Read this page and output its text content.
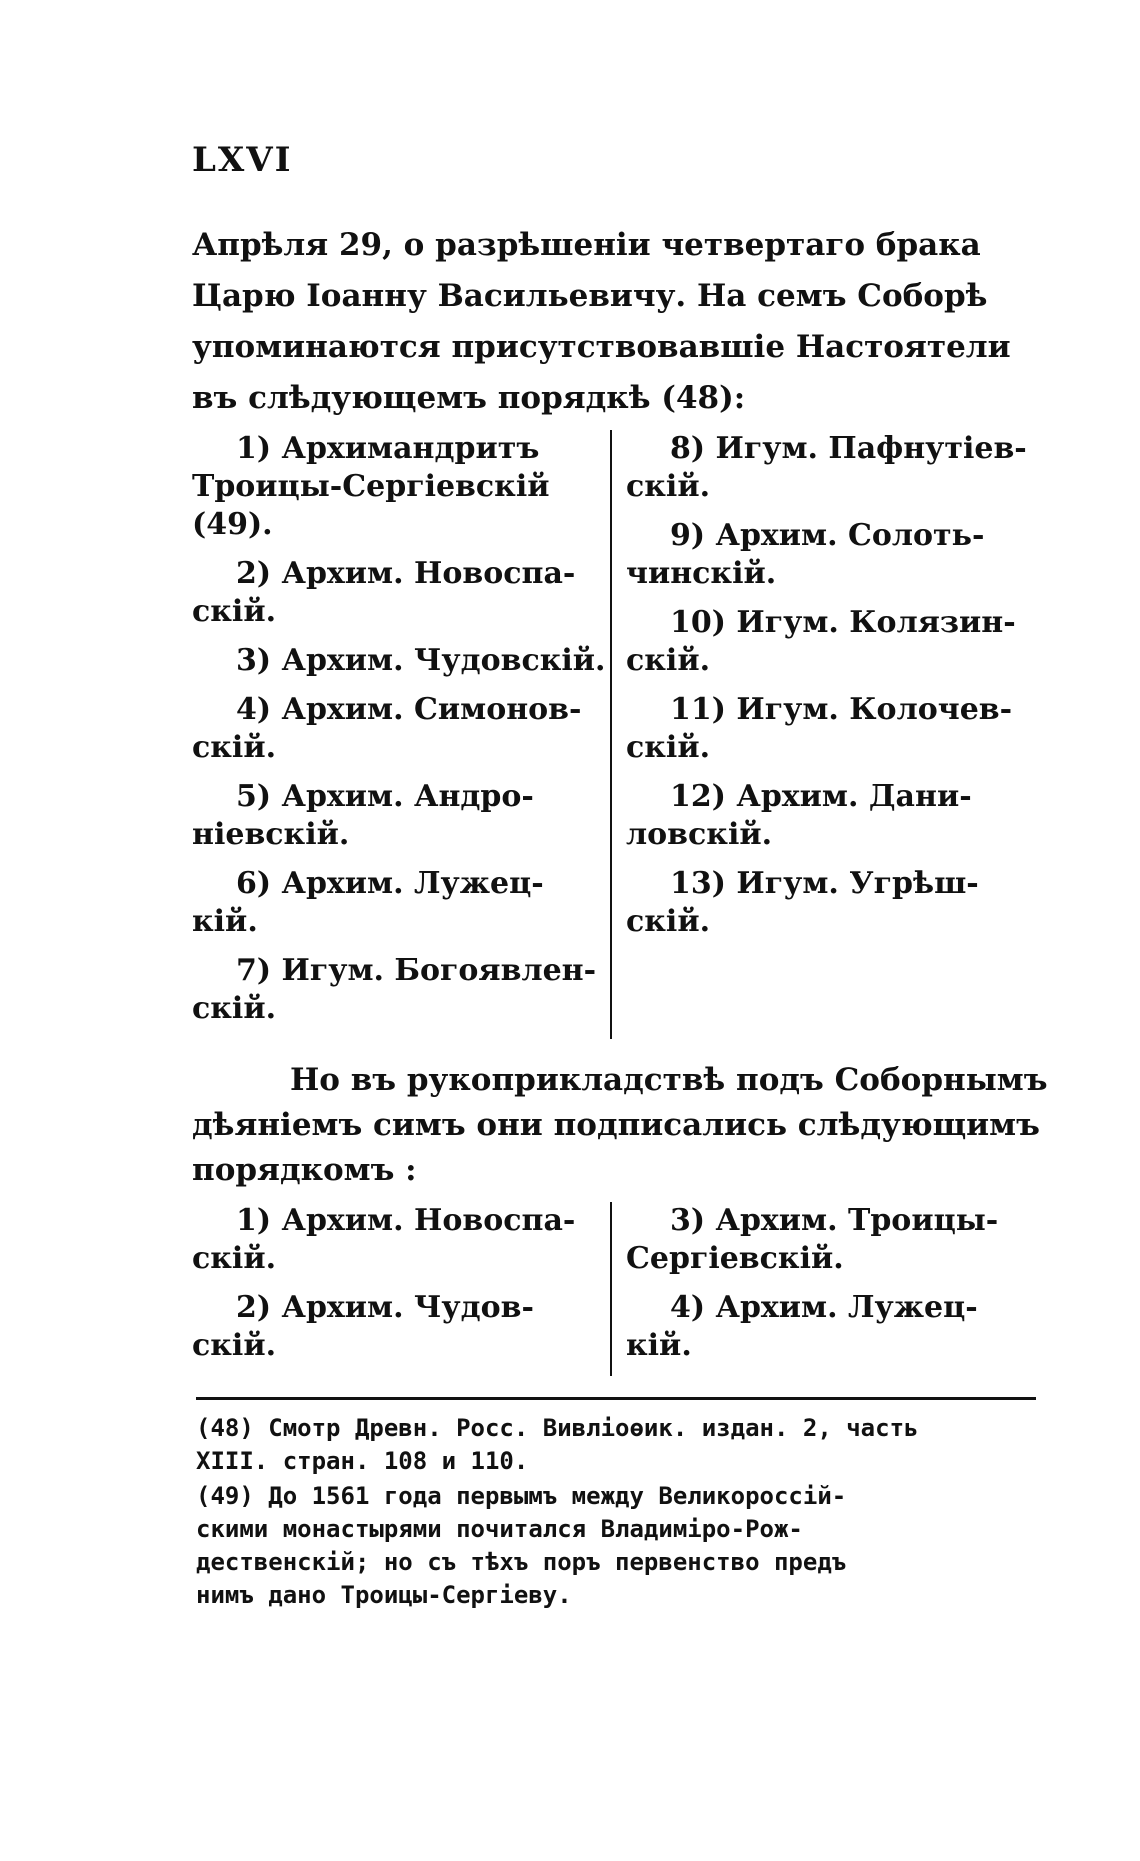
LXVI
Апрѣля 29, о разрѣшеніи четвертаго брака
Царю Іоанну Васильевичу. На семъ Соборѣ
упоминаются присутствовавшіе Настоятели
въ слѣдующемъ порядкѣ (48):
1) Архимандритъ
Троицы-Сергіевскій
(49).
2) Архим. Новоспа-
скій.
3) Архим. Чудовскій.
4) Архим. Симонов-
скій.
5) Архим. Андро-
ніевскій.
6) Архим. Лужец-
кій.
7) Игум. Богоявлен-
скій.
8) Игум. Пафнутіев-
скій.
9) Архим. Солоть-
чинскій.
10) Игум. Колязин-
скій.
11) Игум. Колочев-
скій.
12) Архим. Дани-
ловскій.
13) Игум. Угрѣш-
скій.
Но въ рукоприкладствѣ подъ Соборнымъ
дѣяніемъ симъ они подписались слѣдующимъ
порядкомъ :
1) Архим. Новоспа-
скій.
2) Архим. Чудов-
скій.
3) Архим. Троицы-
Сергіевскій.
4) Архим. Лужец-
кій.
(48) Смотр Древн. Росс. Вивліоѳик. издан. 2, часть
XIII. стран. 108 и 110.
(49) До 1561 года первымъ между Великороссій-
скими монастырями почитался Владиміро-Рож-
дественскій; но съ тѣхъ поръ первенство предъ
нимъ дано Троицы-Сергіеву.
